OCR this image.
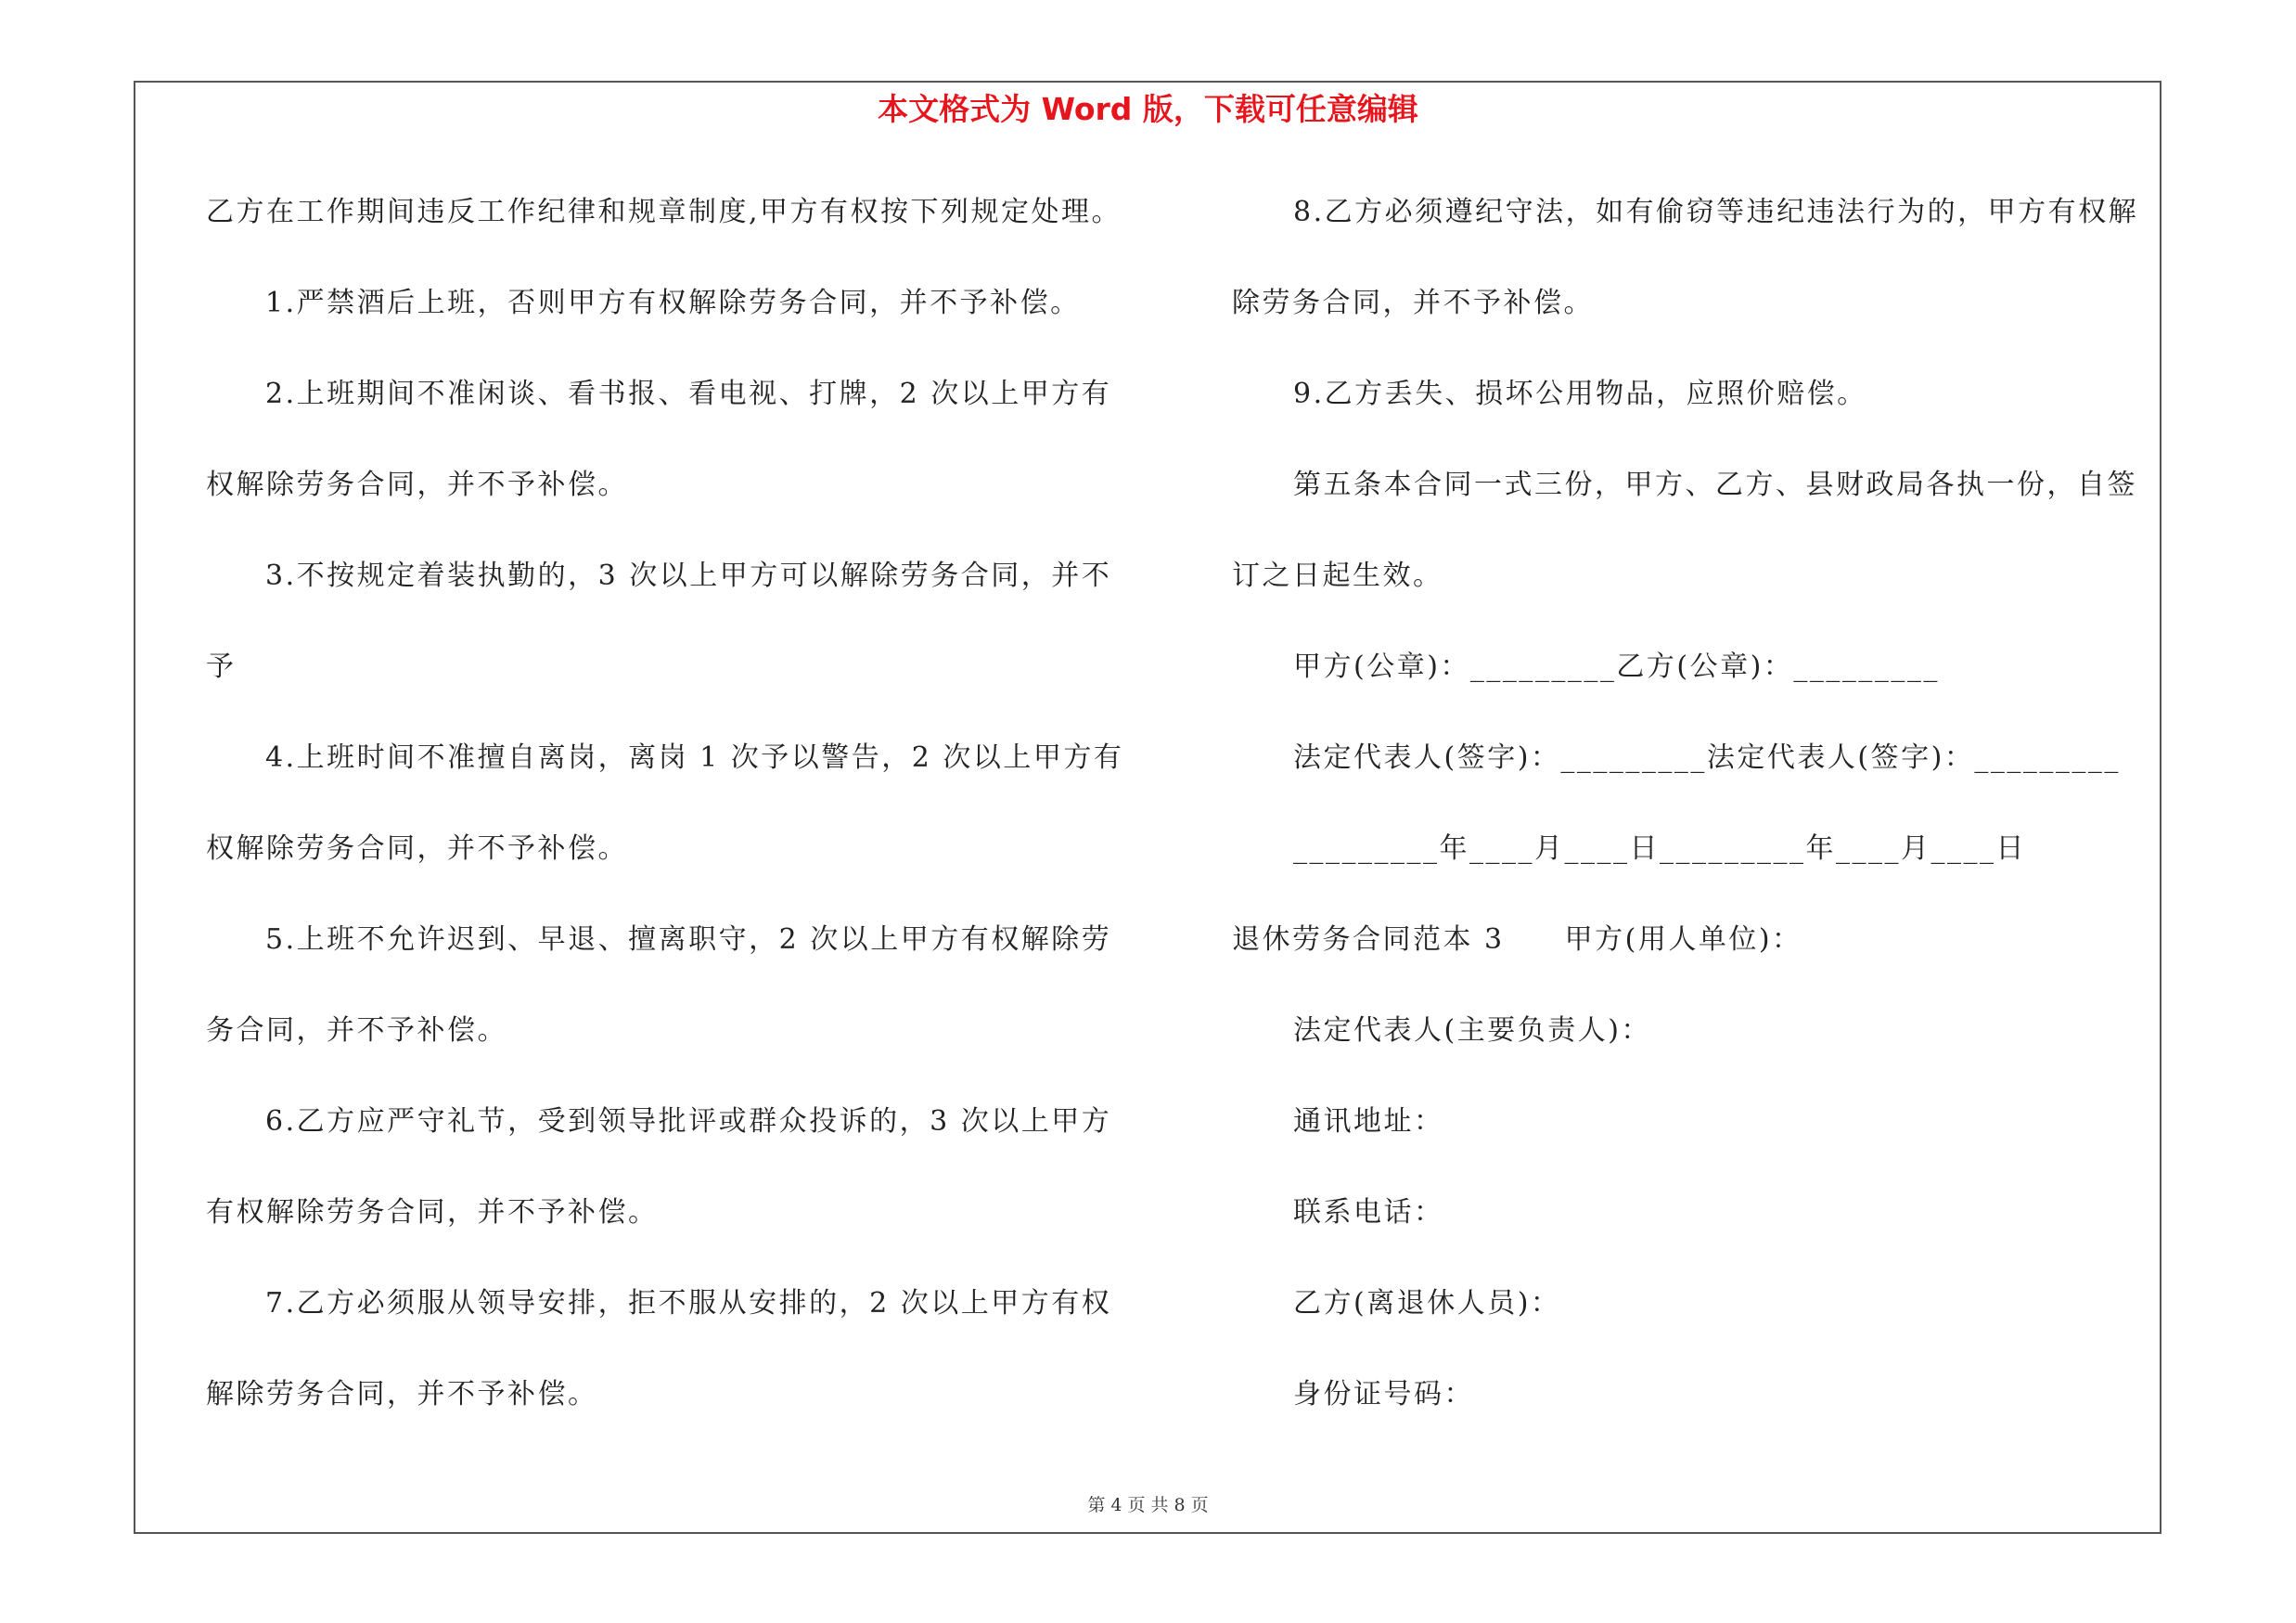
本文格式为 Word 版，下载可任意编辑
乙方在工作期间违反工作纪律和规章制度,甲方有权按下列规定处理。
1.严禁酒后上班，否则甲方有权解除劳务合同，并不予补偿。
2.上班期间不准闲谈、看书报、看电视、打牌，2 次以上甲方有
权解除劳务合同，并不予补偿。
3.不按规定着装执勤的，3 次以上甲方可以解除劳务合同，并不
予
4.上班时间不准擅自离岗，离岗 1 次予以警告，2 次以上甲方有
权解除劳务合同，并不予补偿。
5.上班不允许迟到、早退、擅离职守，2 次以上甲方有权解除劳
务合同，并不予补偿。
6.乙方应严守礼节，受到领导批评或群众投诉的，3 次以上甲方
有权解除劳务合同，并不予补偿。
7.乙方必须服从领导安排，拒不服从安排的，2 次以上甲方有权
解除劳务合同，并不予补偿。
8.乙方必须遵纪守法，如有偷窃等违纪违法行为的，甲方有权解
除劳务合同，并不予补偿。
9.乙方丢失、损坏公用物品，应照价赔偿。
第五条本合同一式三份，甲方、乙方、县财政局各执一份，自签
订之日起生效。
甲方(公章)：_________乙方(公章)：_________
法定代表人(签字)：_________法定代表人(签字)：_________
_________年____月____日_________年____月____日
退休劳务合同范本 3　　甲方(用人单位)：
法定代表人(主要负责人)：
通讯地址：
联系电话：
乙方(离退休人员)：
身份证号码：
第 4 页 共 8 页
